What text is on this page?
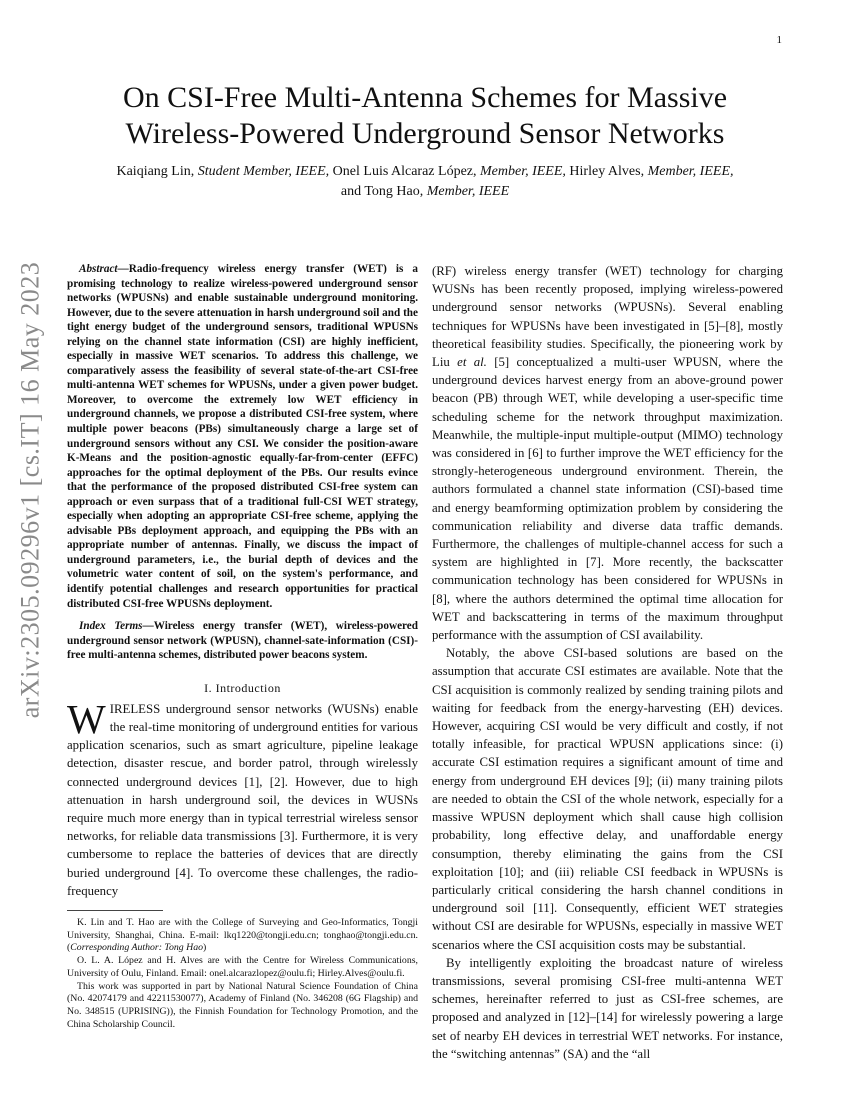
1
arXiv:2305.09296v1 [cs.IT] 16 May 2023
On CSI-Free Multi-Antenna Schemes for Massive
Wireless-Powered Underground Sensor Networks
Kaiqiang Lin, Student Member, IEEE, Onel Luis Alcaraz López, Member, IEEE, Hirley Alves, Member, IEEE,
and Tong Hao, Member, IEEE

Abstract—Radio-frequency wireless energy transfer (WET) is a promising technology to realize wireless-powered underground sensor networks (WPUSNs) and enable sustainable underground monitoring. However, due to the severe attenuation in harsh underground soil and the tight energy budget of the underground sensors, traditional WPUSNs relying on the channel state information (CSI) are highly inefficient, especially in massive WET scenarios. To address this challenge, we comparatively assess the feasibility of several state-of-the-art CSI-free multi-antenna WET schemes for WPUSNs, under a given power budget. Moreover, to overcome the extremely low WET efficiency in underground channels, we propose a distributed CSI-free system, where multiple power beacons (PBs) simultaneously charge a large set of underground sensors without any CSI. We consider the position-aware K-Means and the position-agnostic equally-far-from-center (EFFC) approaches for the optimal deployment of the PBs. Our results evince that the performance of the proposed distributed CSI-free system can approach or even surpass that of a traditional full-CSI WET strategy, especially when adopting an appropriate CSI-free scheme, applying the advisable PBs deployment approach, and equipping the PBs with an appropriate number of antennas. Finally, we discuss the impact of underground parameters, i.e., the burial depth of devices and the volumetric water content of soil, on the system's performance, and identify potential challenges and research opportunities for practical distributed CSI-free WPUSNs deployment.

Index Terms—Wireless energy transfer (WET), wireless-powered underground sensor network (WPUSN), channel-sate-information (CSI)-free multi-antenna schemes, distributed power beacons system.

I. Introduction

WIRELESS underground sensor networks (WUSNs) enable the real-time monitoring of underground entities for various application scenarios, such as smart agriculture, pipeline leakage detection, disaster rescue, and border patrol, through wirelessly connected underground devices [1], [2]. However, due to high attenuation in harsh underground soil, the devices in WUSNs require much more energy than in typical terrestrial wireless sensor networks, for reliable data transmissions [3]. Furthermore, it is very cumbersome to replace the batteries of devices that are directly buried underground [4]. To overcome these challenges, the radio-frequency

K. Lin and T. Hao are with the College of Surveying and Geo-Informatics, Tongji University, Shanghai, China. E-mail: lkq1220@tongji.edu.cn; tonghao@tongji.edu.cn. (Corresponding Author: Tong Hao)

O. L. A. López and H. Alves are with the Centre for Wireless Communications, University of Oulu, Finland. Email: onel.alcarazlopez@oulu.fi; Hirley.Alves@oulu.fi.

This work was supported in part by National Natural Science Foundation of China (No. 42074179 and 42211530077), Academy of Finland (No. 346208 (6G Flagship) and No. 348515 (UPRISING)), the Finnish Foundation for Technology Promotion, and the China Scholarship Council.

(RF) wireless energy transfer (WET) technology for charging WUSNs has been recently proposed, implying wireless-powered underground sensor networks (WPUSNs). Several enabling techniques for WPUSNs have been investigated in [5]–[8], mostly theoretical feasibility studies. Specifically, the pioneering work by Liu et al. [5] conceptualized a multi-user WPUSN, where the underground devices harvest energy from an above-ground power beacon (PB) through WET, while developing a user-specific time scheduling scheme for the network throughput maximization. Meanwhile, the multiple-input multiple-output (MIMO) technology was considered in [6] to further improve the WET efficiency for the strongly-heterogeneous underground environment. Therein, the authors formulated a channel state information (CSI)-based time and energy beamforming optimization problem by considering the communication reliability and diverse data traffic demands. Furthermore, the challenges of multiple-channel access for such a system are highlighted in [7]. More recently, the backscatter communication technology has been considered for WPUSNs in [8], where the authors determined the optimal time allocation for WET and backscattering in terms of the maximum throughput performance with the assumption of CSI availability.

Notably, the above CSI-based solutions are based on the assumption that accurate CSI estimates are available. Note that the CSI acquisition is commonly realized by sending training pilots and waiting for feedback from the energy-harvesting (EH) devices. However, acquiring CSI would be very difficult and costly, if not totally infeasible, for practical WPUSN applications since: (i) accurate CSI estimation requires a significant amount of time and energy from underground EH devices [9]; (ii) many training pilots are needed to obtain the CSI of the whole network, especially for a massive WPUSN deployment which shall cause high collision probability, long effective delay, and unaffordable energy consumption, thereby eliminating the gains from the CSI exploitation [10]; and (iii) reliable CSI feedback in WPUSNs is particularly critical considering the harsh channel conditions in underground soil [11]. Consequently, efficient WET strategies without CSI are desirable for WPUSNs, especially in massive WET scenarios where the CSI acquisition costs may be substantial.

By intelligently exploiting the broadcast nature of wireless transmissions, several promising CSI-free multi-antenna WET schemes, hereinafter referred to just as CSI-free schemes, are proposed and analyzed in [12]–[14] for wirelessly powering a large set of nearby EH devices in terrestrial WET networks. For instance, the “switching antennas” (SA) and the “all
